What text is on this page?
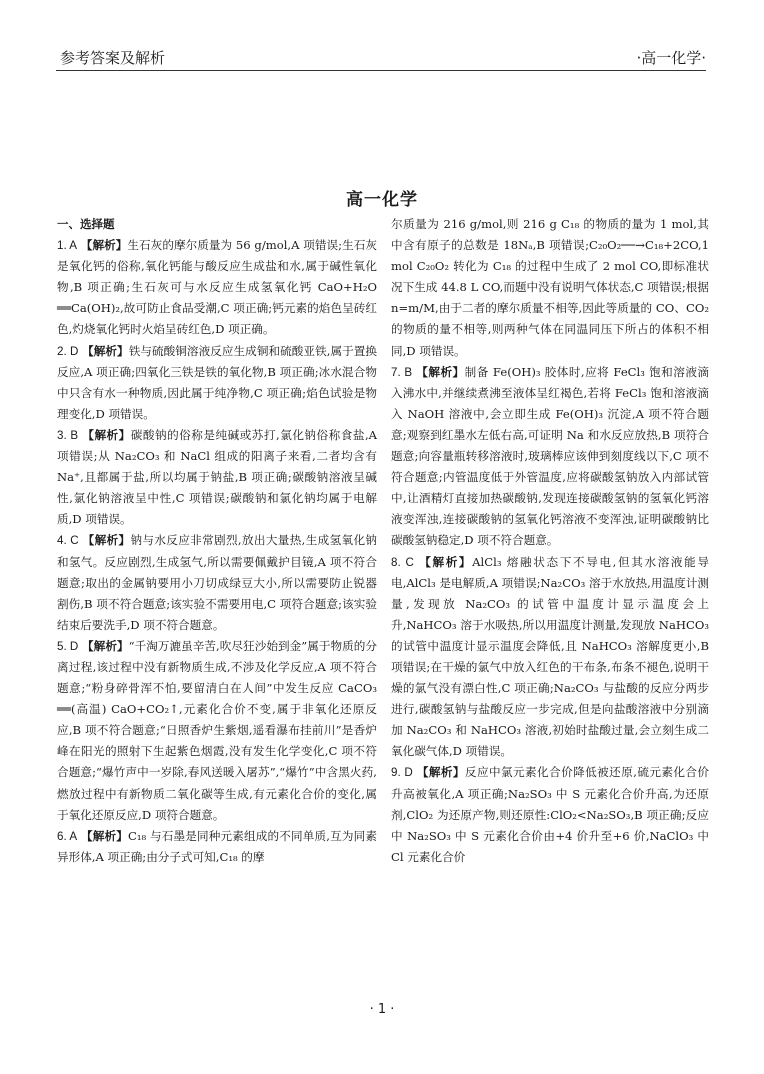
参考答案及解析	·高一化学·
高一化学
一、选择题

1. A 【解析】生石灰的摩尔质量为 56 g/mol,A 项错误;生石灰是氧化钙的俗称,氧化钙能与酸反应生成盐和水,属于碱性氧化物,B 项正确;生石灰可与水反应生成氢氧化钙 CaO+H₂O ══Ca(OH)₂,故可防止食品受潮,C 项正确;钙元素的焰色呈砖红色,灼烧氧化钙时火焰呈砖红色,D 项正确。

2. D 【解析】铁与硫酸铜溶液反应生成铜和硫酸亚铁,属于置换反应,A 项正确;四氧化三铁是铁的氧化物,B 项正确;冰水混合物中只含有水一种物质,因此属于纯净物,C 项正确;焰色试验是物理变化,D 项错误。

3. B 【解析】碳酸钠的俗称是纯碱或苏打,氯化钠俗称食盐,A 项错误;从 Na₂CO₃ 和 NaCl 组成的阳离子来看,二者均含有 Na⁺,且都属于盐,所以均属于钠盐,B 项正确;碳酸钠溶液呈碱性,氯化钠溶液呈中性,C 项错误;碳酸钠和氯化钠均属于电解质,D 项错误。

4. C 【解析】钠与水反应非常剧烈,放出大量热,生成氢氧化钠和氢气。反应剧烈,生成氢气,所以需要佩戴护目镜,A 项不符合题意;取出的金属钠要用小刀切成绿豆大小,所以需要防止锐器割伤,B 项不符合题意;该实验不需要用电,C 项符合题意;该实验结束后要洗手,D 项不符合题意。

5. D 【解析】“千淘万漉虽辛苦,吹尽狂沙始到金”属于物质的分离过程,该过程中没有新物质生成,不涉及化学反应,A 项不符合题意;“粉身碎骨浑不怕,要留清白在人间”中发生反应 CaCO₃ ══(高温) CaO+CO₂↑,元素化合价不变,属于非氧化还原反应,B 项不符合题意;“日照香炉生紫烟,遥看瀑布挂前川”是香炉峰在阳光的照射下生起紫色烟霞,没有发生化学变化,C 项不符合题意;“爆竹声中一岁除,春风送暖入屠苏”,“爆竹”中含黑火药,燃放过程中有新物质二氧化碳等生成,有元素化合价的变化,属于氧化还原反应,D 项符合题意。

6. A 【解析】C₁₈ 与石墨是同种元素组成的不同单质,互为同素异形体,A 项正确;由分子式可知,C₁₈ 的摩

尔质量为 216 g/mol,则 216 g C₁₈ 的物质的量为 1 mol,其中含有原子的总数是 18Nₐ,B 项错误;C₂₀O₂──→C₁₈+2CO,1 mol C₂₀O₂ 转化为 C₁₈ 的过程中生成了 2 mol CO,即标准状况下生成 44.8 L CO,而题中没有说明气体状态,C 项错误;根据 n=m/M,由于二者的摩尔质量不相等,因此等质量的 CO、CO₂ 的物质的量不相等,则两种气体在同温同压下所占的体积不相同,D 项错误。

7. B 【解析】制备 Fe(OH)₃ 胶体时,应将 FeCl₃ 饱和溶液滴入沸水中,并继续煮沸至液体呈红褐色,若将 FeCl₃ 饱和溶液滴入 NaOH 溶液中,会立即生成 Fe(OH)₃ 沉淀,A 项不符合题意;观察到红墨水左低右高,可证明 Na 和水反应放热,B 项符合题意;向容量瓶转移溶液时,玻璃棒应该伸到刻度线以下,C 项不符合题意;内管温度低于外管温度,应将碳酸氢钠放入内部试管中,让酒精灯直接加热碳酸钠,发现连接碳酸氢钠的氢氧化钙溶液变浑浊,连接碳酸钠的氢氧化钙溶液不变浑浊,证明碳酸钠比碳酸氢钠稳定,D 项不符合题意。

8. C 【解析】AlCl₃ 熔融状态下不导电,但其水溶液能导电,AlCl₃ 是电解质,A 项错误;Na₂CO₃ 溶于水放热,用温度计测量,发现放 Na₂CO₃ 的试管中温度计显示温度会上升,NaHCO₃ 溶于水吸热,所以用温度计测量,发现放 NaHCO₃ 的试管中温度计显示温度会降低,且 NaHCO₃ 溶解度更小,B 项错误;在干燥的氯气中放入红色的干布条,布条不褪色,说明干燥的氯气没有漂白性,C 项正确;Na₂CO₃ 与盐酸的反应分两步进行,碳酸氢钠与盐酸反应一步完成,但是向盐酸溶液中分别滴加 Na₂CO₃ 和 NaHCO₃ 溶液,初始时盐酸过量,会立刻生成二氧化碳气体,D 项错误。

9. D 【解析】反应中氯元素化合价降低被还原,硫元素化合价升高被氧化,A 项正确;Na₂SO₃ 中 S 元素化合价升高,为还原剂,ClO₂ 为还原产物,则还原性:ClO₂<Na₂SO₃,B 项正确;反应中 Na₂SO₃ 中 S 元素化合价由+4 价升至+6 价,NaClO₃ 中 Cl 元素化合价

· 1 ·
